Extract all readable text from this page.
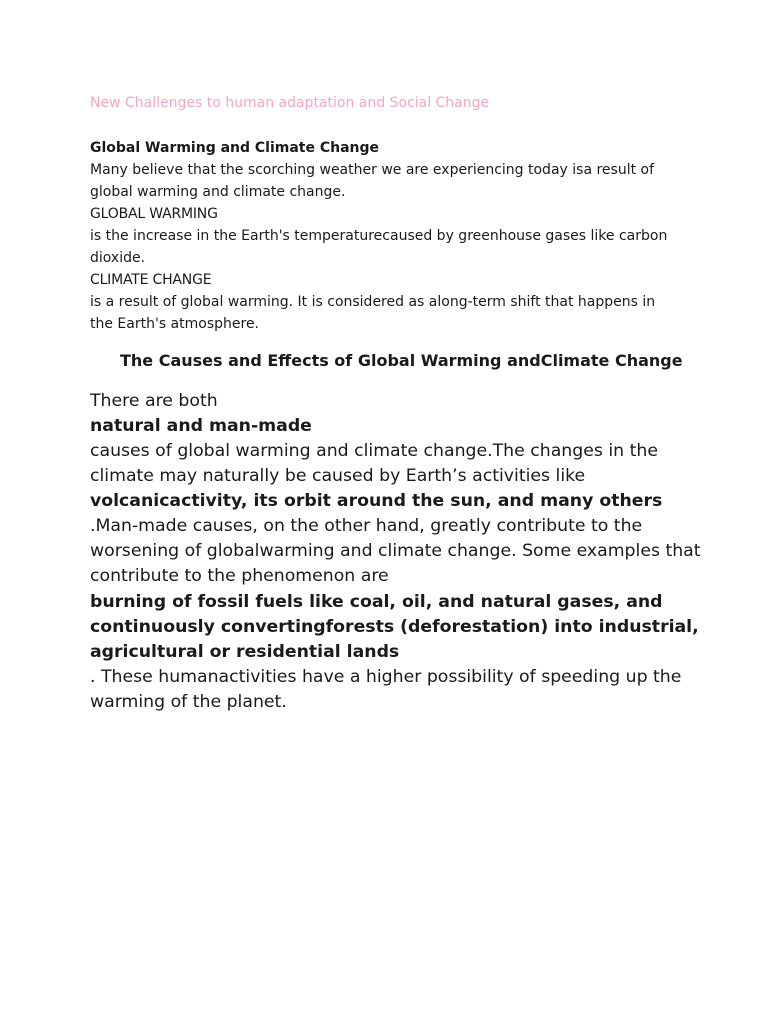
New Challenges to human adaptation and Social Change
Global Warming and Climate Change
Many believe that the scorching weather we are experiencing today isa result of
global warming and climate change.
GLOBAL WARMING
is the increase in the Earth's temperaturecaused by greenhouse gases like carbon
dioxide.
CLIMATE CHANGE
is a result of global warming. It is considered as along-term shift that happens in
the Earth's atmosphere.
The Causes and Effects of Global Warming andClimate Change
There are both
natural and man-made
causes of global warming and climate change.The changes in the
climate may naturally be caused by Earth’s activities like
volcanicactivity, its orbit around the sun, and many others
.Man-made causes, on the other hand, greatly contribute to the
worsening of globalwarming and climate change. Some examples that
contribute to the phenomenon are
burning of fossil fuels like coal, oil, and natural gases, and
continuously convertingforests (deforestation) into industrial,
agricultural or residential lands
. These humanactivities have a higher possibility of speeding up the
warming of the planet.
